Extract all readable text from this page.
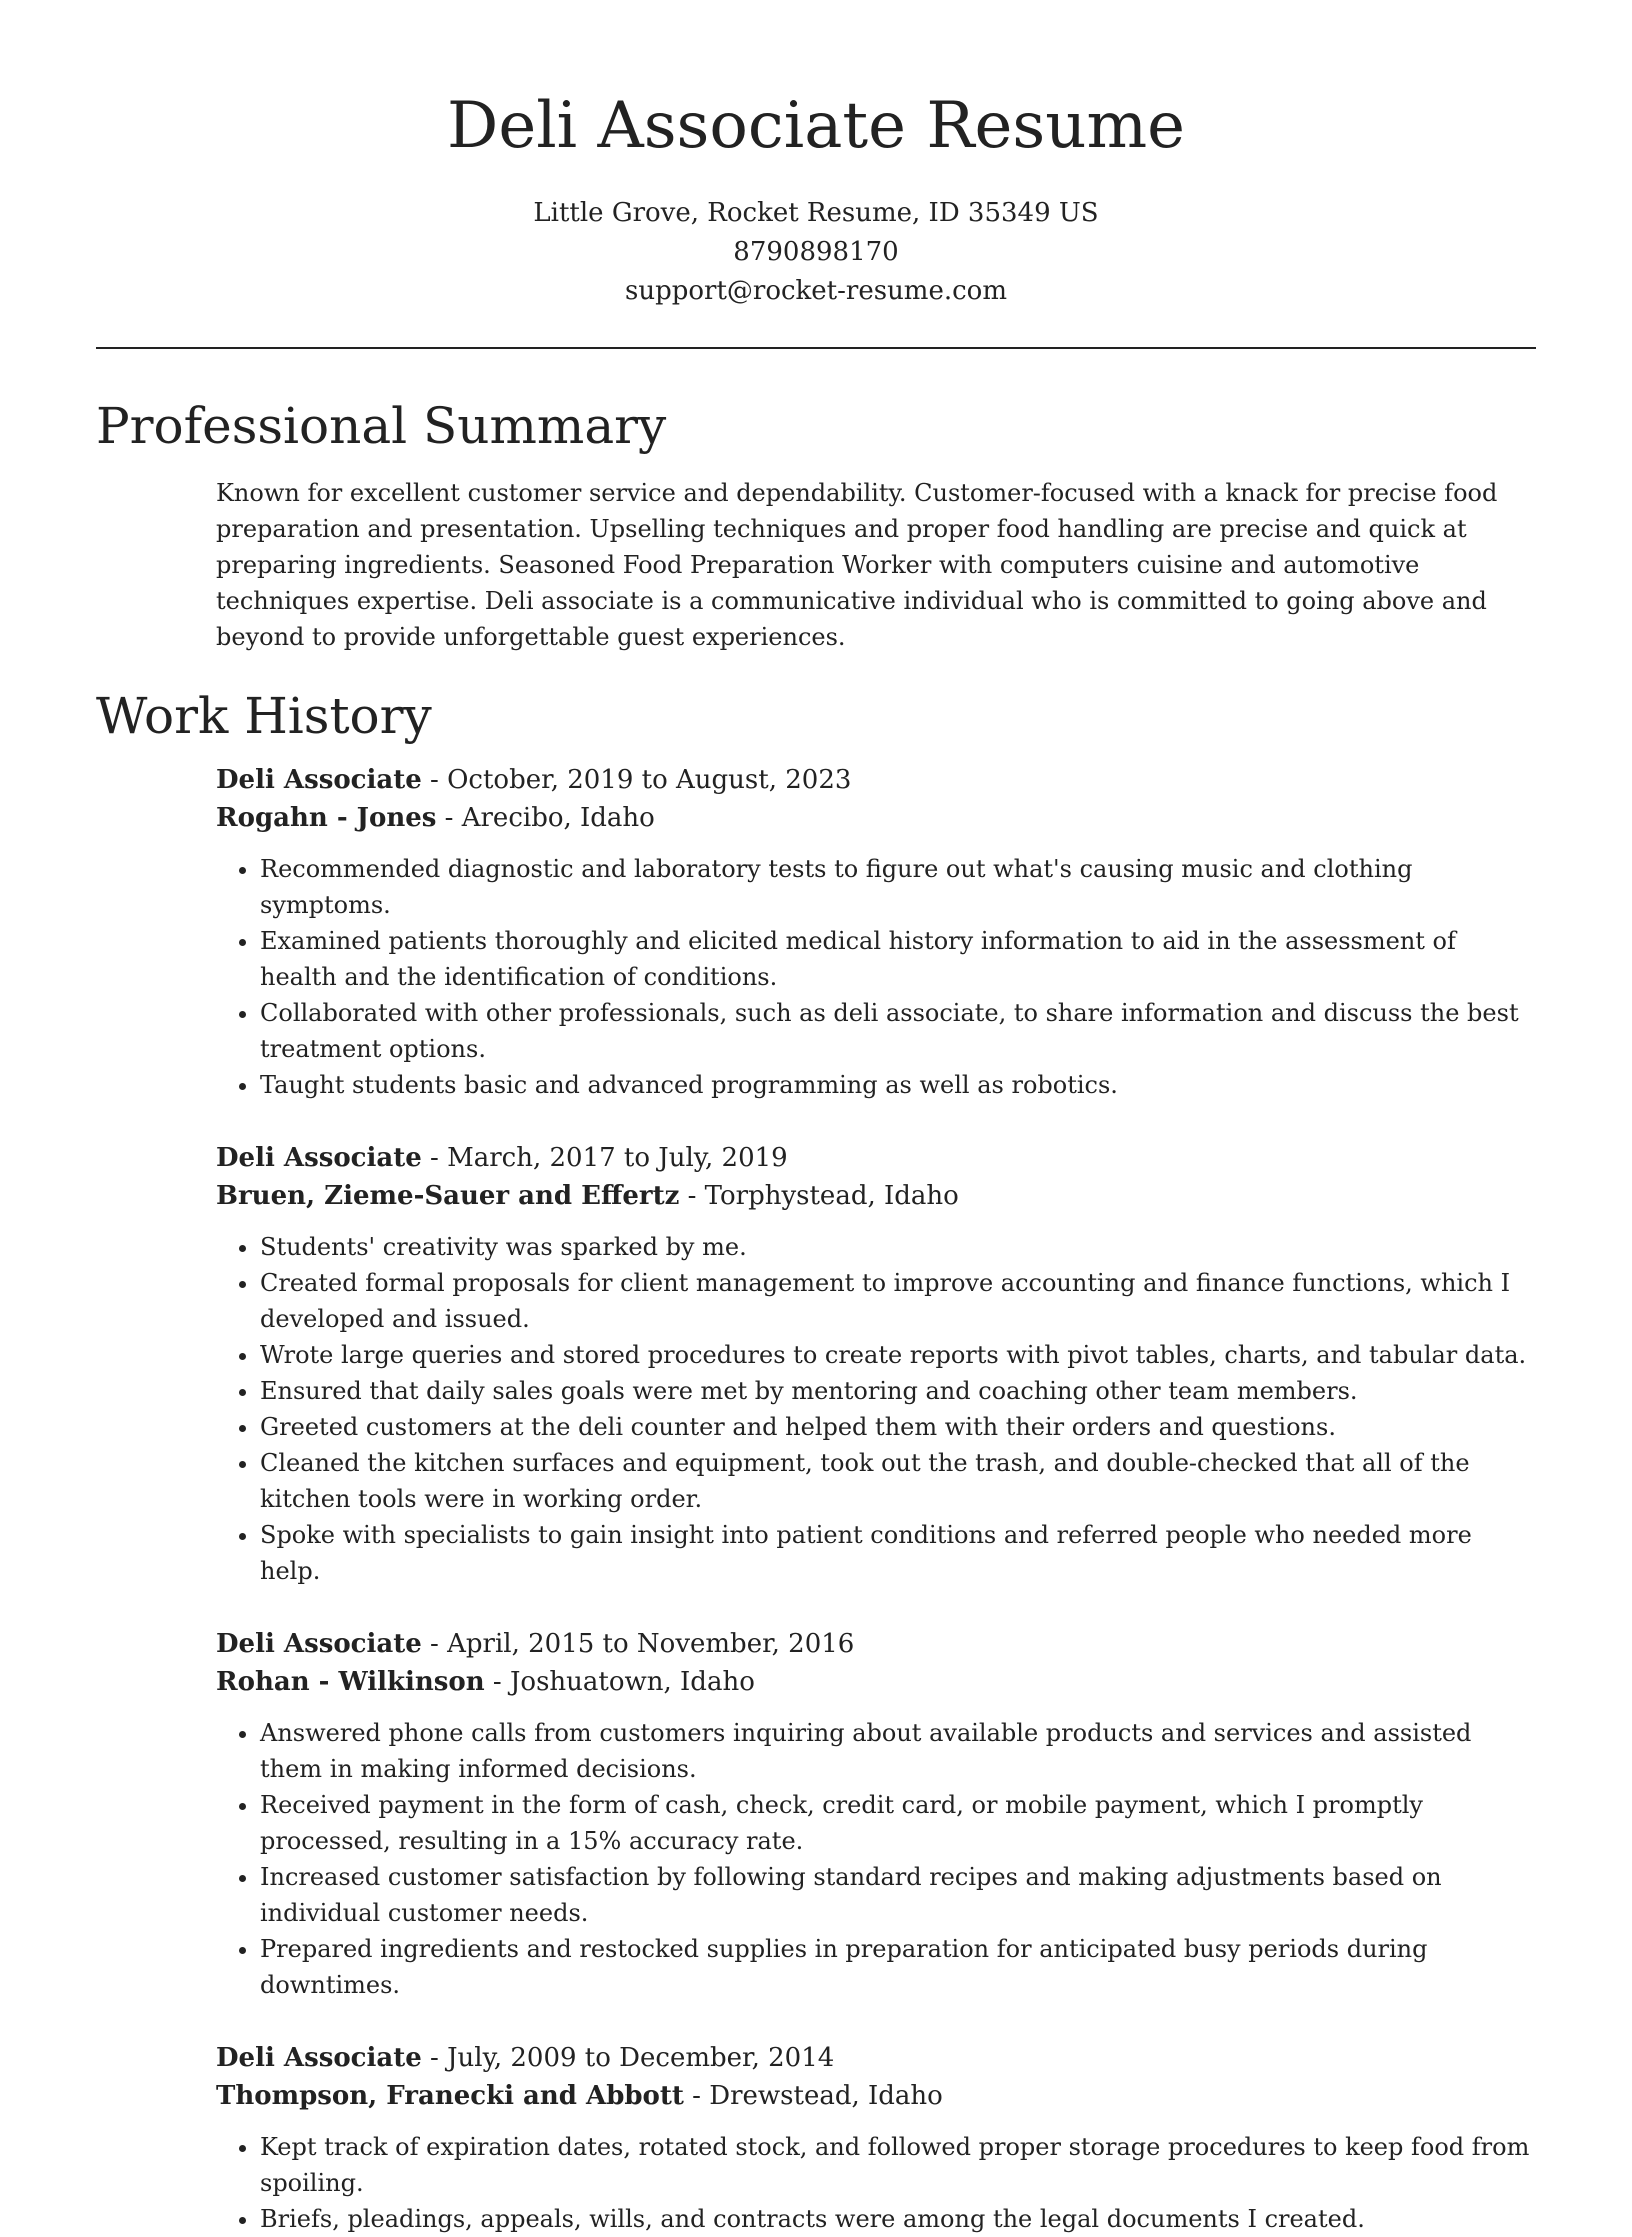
Deli Associate Resume
Little Grove, Rocket Resume, ID 35349 US
8790898170
support@rocket-resume.com
Professional Summary

Known for excellent customer service and dependability. Customer-focused with a knack for precise food preparation and presentation. Upselling techniques and proper food handling are precise and quick at preparing ingredients. Seasoned Food Preparation Worker with computers cuisine and automotive techniques expertise. Deli associate is a communicative individual who is committed to going above and beyond to provide unforgettable guest experiences.

Work History
Deli Associate - October, 2019 to August, 2023
Rogahn - Jones - Arecibo, Idaho
• Recommended diagnostic and laboratory tests to figure out what's causing music and clothing symptoms.
• Examined patients thoroughly and elicited medical history information to aid in the assessment of health and the identification of conditions.
• Collaborated with other professionals, such as deli associate, to share information and discuss the best treatment options.
• Taught students basic and advanced programming as well as robotics.
Deli Associate - March, 2017 to July, 2019
Bruen, Zieme-Sauer and Effertz - Torphystead, Idaho
• Students' creativity was sparked by me.
• Created formal proposals for client management to improve accounting and finance functions, which I developed and issued.
• Wrote large queries and stored procedures to create reports with pivot tables, charts, and tabular data.
• Ensured that daily sales goals were met by mentoring and coaching other team members.
• Greeted customers at the deli counter and helped them with their orders and questions.
• Cleaned the kitchen surfaces and equipment, took out the trash, and double-checked that all of the kitchen tools were in working order.
• Spoke with specialists to gain insight into patient conditions and referred people who needed more help.
Deli Associate - April, 2015 to November, 2016
Rohan - Wilkinson - Joshuatown, Idaho
• Answered phone calls from customers inquiring about available products and services and assisted them in making informed decisions.
• Received payment in the form of cash, check, credit card, or mobile payment, which I promptly processed, resulting in a 15% accuracy rate.
• Increased customer satisfaction by following standard recipes and making adjustments based on individual customer needs.
• Prepared ingredients and restocked supplies in preparation for anticipated busy periods during downtimes.
Deli Associate - July, 2009 to December, 2014
Thompson, Franecki and Abbott - Drewstead, Idaho
• Kept track of expiration dates, rotated stock, and followed proper storage procedures to keep food from spoiling.
• Briefs, pleadings, appeals, wills, and contracts were among the legal documents I created.
